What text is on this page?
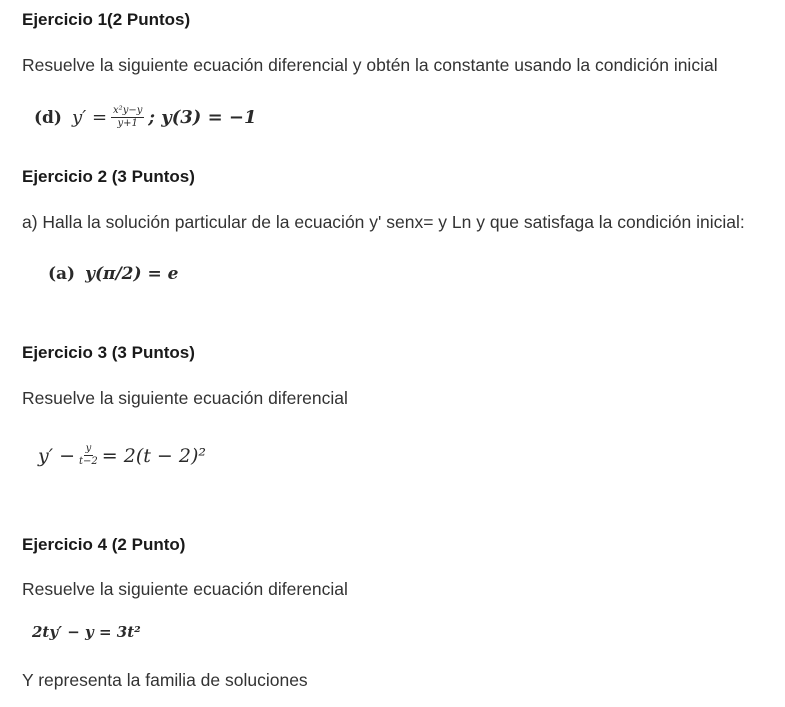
Ejercicio 1(2 Puntos)
Resuelve la siguiente ecuación diferencial y obtén la constante usando la condición inicial
(d) $y' = \frac{\text{x²y−y}}{y+1}$ ; y(3) = −1
Ejercicio 2 (3 Puntos)
a) Halla la solución particular de la ecuación y' senx= y Ln y que satisfaga la condición inicial:
(a) y(π/2) = e
Ejercicio 3 (3 Puntos)
Resuelve la siguiente ecuación diferencial
$y' - \frac{y}{t-2} = 2(t - 2)^2$
Ejercicio 4 (2 Punto)
Resuelve la siguiente ecuación diferencial
2ty′ − y = 3t²
Y representa la familia de soluciones
